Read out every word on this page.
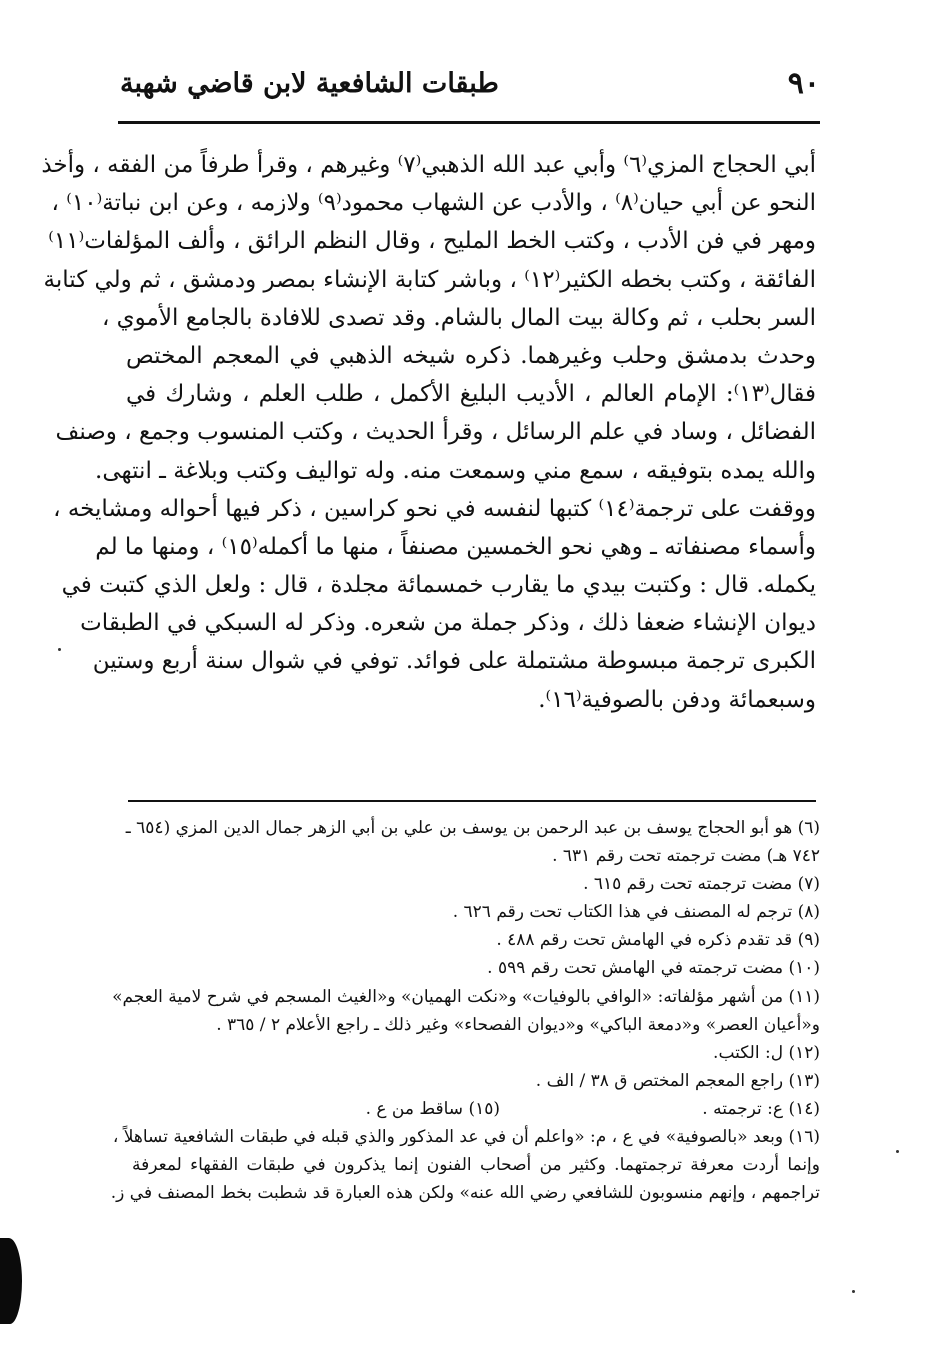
٩٠
طبقات الشافعية لابن قاضي شهبة
أبي الحجاج المزي⁽٦⁾ وأبي عبد الله الذهبي⁽٧⁾ وغيرهم ، وقرأ طرفاً من الفقه ، وأخذ
النحو عن أبي حيان⁽٨⁾ ، والأدب عن الشهاب محمود⁽٩⁾ ولازمه ، وعن ابن نباتة⁽١٠⁾ ،
ومهر في فن الأدب ، وكتب الخط المليح ، وقال النظم الرائق ، وألف المؤلفات⁽١١⁾
الفائقة ، وكتب بخطه الكثير⁽١٢⁾ ، وباشر كتابة الإنشاء بمصر ودمشق ، ثم ولي كتابة
السر بحلب ، ثم وكالة بيت المال بالشام. وقد تصدى للافادة بالجامع الأموي ،
وحدث بدمشق وحلب وغيرهما. ذكره شيخه الذهبي في المعجم المختص
فقال⁽١٣⁾: الإمام العالم ، الأديب البليغ الأكمل ، طلب العلم ، وشارك في
الفضائل ، وساد في علم الرسائل ، وقرأ الحديث ، وكتب المنسوب وجمع ، وصنف
والله يمده بتوفيقه ، سمع مني وسمعت منه. وله تواليف وكتب وبلاغة ـ انتهى.
ووقفت على ترجمة⁽١٤⁾ كتبها لنفسه في نحو كراسين ، ذكر فيها أحواله ومشايخه ،
وأسماء مصنفاته ـ وهي نحو الخمسين مصنفاً ، منها ما أكمله⁽١٥⁾ ، ومنها ما لم
يكمله. قال : وكتبت بيدي ما يقارب خمسمائة مجلدة ، قال : ولعل الذي كتبت في
ديوان الإنشاء ضعفا ذلك ، وذكر جملة من شعره. وذكر له السبكي في الطبقات
الكبرى ترجمة مبسوطة مشتملة على فوائد. توفي في شوال سنة أربع وستين
وسبعمائة ودفن بالصوفية⁽١٦⁾.
(٦) هو أبو الحجاج يوسف بن عبد الرحمن بن يوسف بن علي بن أبي الزهر جمال الدين المزي (٦٥٤ ـ
٧٤٢ هـ) مضت ترجمته تحت رقم ٦٣١ .
(٧) مضت ترجمته تحت رقم ٦١٥ .
(٨) ترجم له المصنف في هذا الكتاب تحت رقم ٦٢٦ .
(٩) قد تقدم ذكره في الهامش تحت رقم ٤٨٨ .
(١٠) مضت ترجمته في الهامش تحت رقم ٥٩٩ .
(١١) من أشهر مؤلفاته: «الوافي بالوفيات» و«نكت الهميان» و«الغيث المسجم في شرح لامية العجم»
و«أعيان العصر» و«دمعة الباكي» و«ديوان الفصحاء» وغير ذلك ـ راجع الأعلام ٢ / ٣٦٥ .
(١٢) ل: الكتب.
(١٣) راجع المعجم المختص ق ٣٨ / الف .
(١٤) ع: ترجمته .
(١٥) ساقط من ع .
(١٦) وبعد «بالصوفية» في ع ، م: «واعلم أن في عد المذكور والذي قبله في طبقات الشافعية تساهلاً ،
وإنما أردت معرفة ترجمتهما. وكثير من أصحاب الفنون إنما يذكرون في طبقات الفقهاء لمعرفة
تراجمهم ، وإنهم منسوبون للشافعي رضي الله عنه» ولكن هذه العبارة قد شطبت بخط المصنف في ز.
